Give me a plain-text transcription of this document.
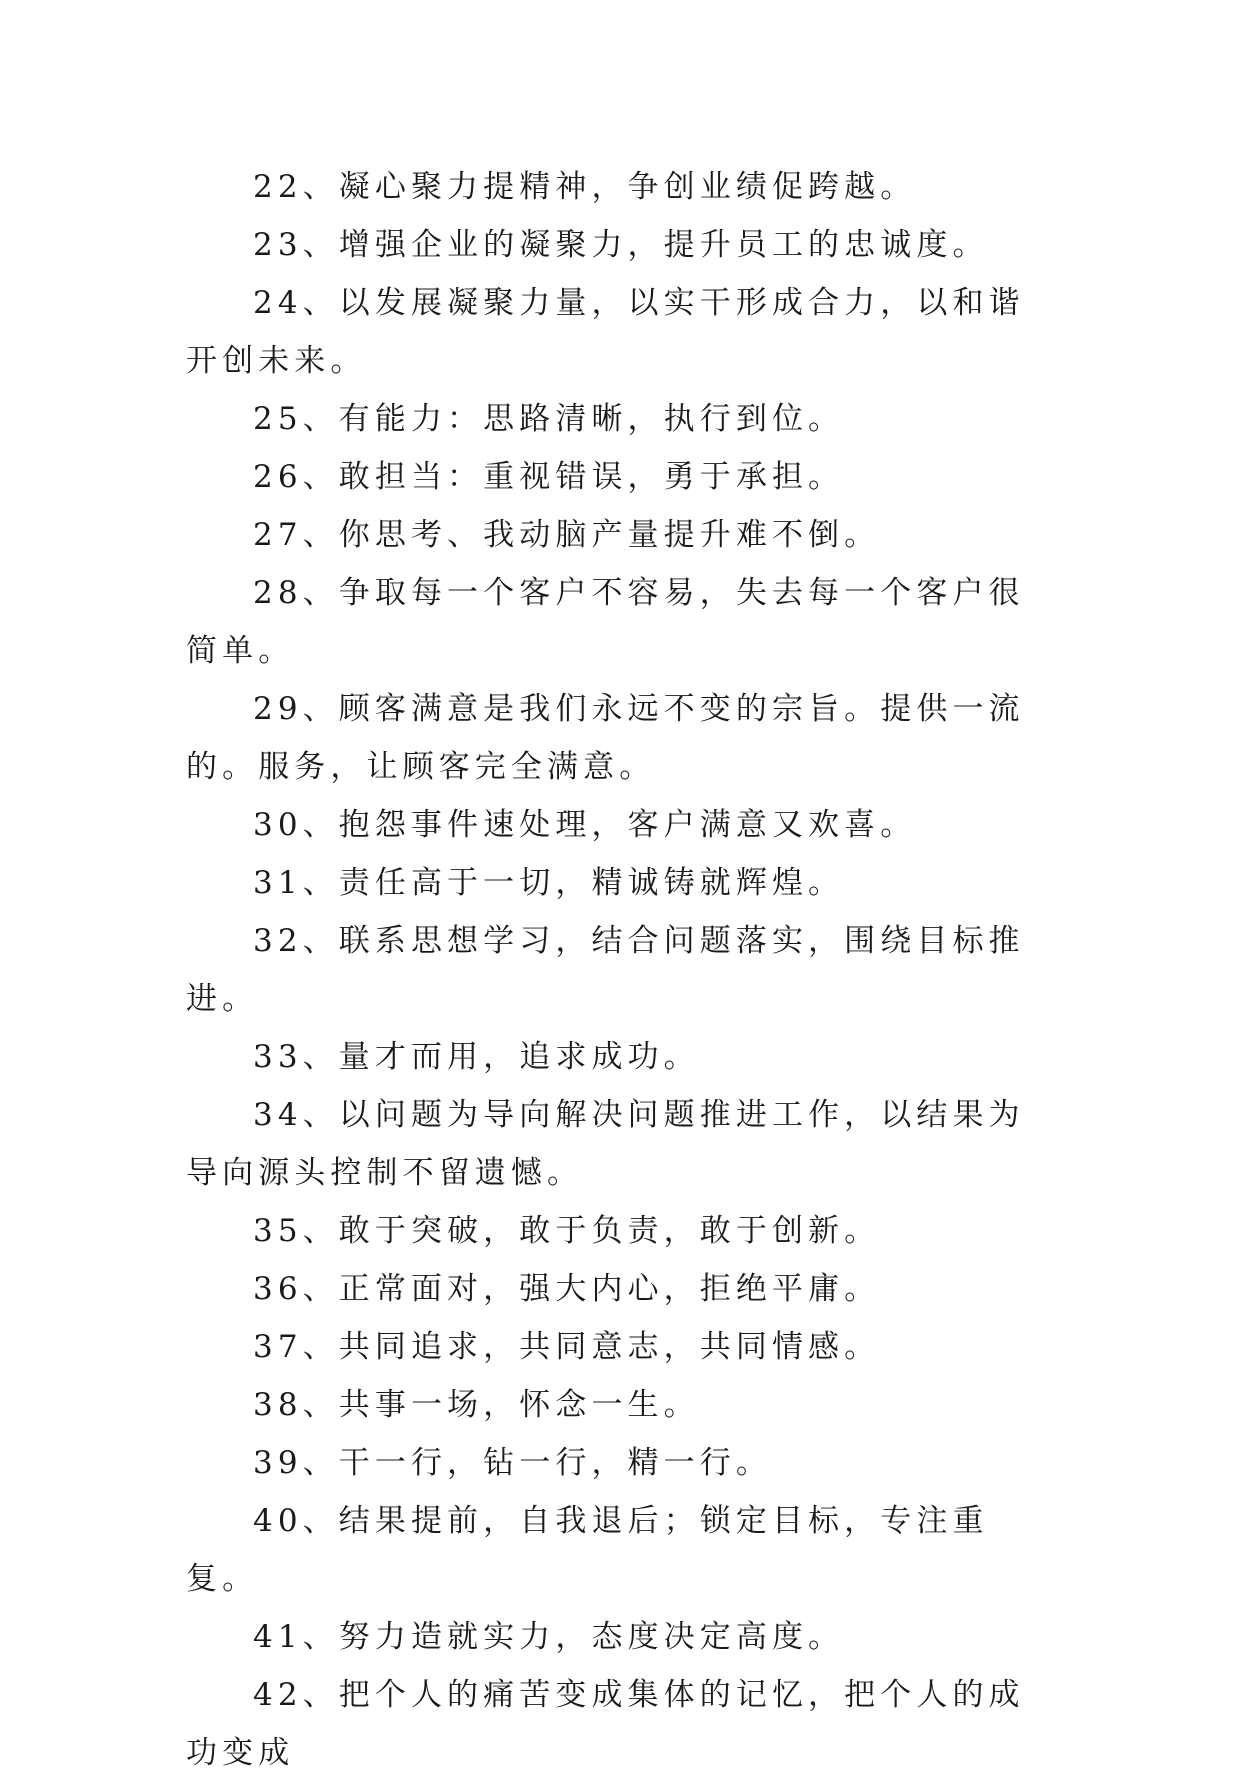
22、凝心聚力提精神，争创业绩促跨越。

23、增强企业的凝聚力，提升员工的忠诚度。

24、以发展凝聚力量，以实干形成合力，以和谐开创未来。

25、有能力：思路清晰，执行到位。

26、敢担当：重视错误，勇于承担。

27、你思考、我动脑产量提升难不倒。

28、争取每一个客户不容易，失去每一个客户很简单。

29、顾客满意是我们永远不变的宗旨。提供一流的。服务，让顾客完全满意。

30、抱怨事件速处理，客户满意又欢喜。

31、责任高于一切，精诚铸就辉煌。

32、联系思想学习，结合问题落实，围绕目标推进。

33、量才而用，追求成功。

34、以问题为导向解决问题推进工作，以结果为导向源头控制不留遗憾。

35、敢于突破，敢于负责，敢于创新。

36、正常面对，强大内心，拒绝平庸。

37、共同追求，共同意志，共同情感。

38、共事一场，怀念一生。

39、干一行，钻一行，精一行。

40、结果提前，自我退后；锁定目标，专注重复。

41、努力造就实力，态度决定高度。

42、把个人的痛苦变成集体的记忆，把个人的成功变成
